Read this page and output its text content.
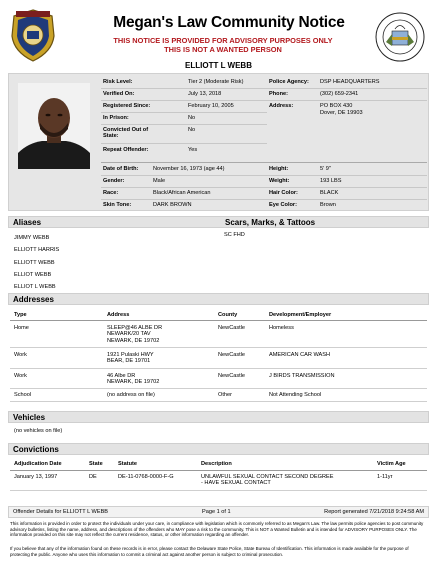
Megan's Law Community Notice
THIS NOTICE IS PROVIDED FOR ADVISORY PURPOSES ONLY
THIS IS NOT A WANTED PERSON
ELLIOTT L WEBB
Risk Level:	Tier 2 (Moderate Risk)
Verified On:	July 13, 2018
Registered Since:	February 10, 2005
In Prison:	No
Convicted Out of State:
No
Repeat Offender:	Yes
Police Agency: DSP HEADQUARTERS
Phone:	(302) 659-2341
Address:	PO BOX 430
Dover, DE 19903
Date of Birth:	November 16, 1973 (age 44)
Gender:	Male
Race:	Black/African American
Skin Tone:	DARK BROWN
Height:	5' 9"
Weight:	193 LBS
Hair Color:	BLACK
Eye Color:	Brown
Aliases	Scars, Marks, & Tattoos
JIMMY WEBB
ELLIOTT HARRIS
ELLIOTT WEBB
ELLIOT WEBB
ELLIOT L WEBB
SC FHD
Addresses
Type	Address	County	Development/Employer
Home	SLEEP@46 ALBE DR
NEWARK/20 TAV
NEWARK, DE 19702
NewCastle	Homeless
Work	1921 Pulaski HWY
BEAR, DE 19701
NewCastle	AMERICAN CAR WASH
Work	46 Albe DR
NEWARK, DE 19702
NewCastle	J BIRDS TRANSMISSION
School	(no address on file)	Other	Not Attending School
Vehicles
(no vehicles on file)
Convictions
Adjudication Date	State	Statute	Description	Victim Age
January 13, 1997	DE	DE-11-0768-0000-F-G	UNLAWFUL SEXUAL CONTACT SECOND DEGREE
- HAVE SEXUAL CONTACT
1-11yr
Offender Details for ELLIOTT L WEBB	Page 1 of 1	Report generated 7/21/2018 9:24:58 AM
This information is provided in order to protect the individuals under your care, in compliance with legislation which is commonly referred to as Megan's Law. The law permits police agencies to post community advisory bulletins, listing the name, address, and descriptions of the offenders who MAY pose a risk to the community. This is NOT a Wanted Bulletin and is intended for ADVISORY PURPOSES ONLY. The information provided on this site may not reflect the current residence, status, or other information regarding an offender.
If you believe that any of the information found on these records is in error, please contact the Delaware State Police, State Bureau of Identification. This information is made available for the purpose of protecting the public. Anyone who uses this information to commit a criminal act against another person is subject to criminal prosecution.
